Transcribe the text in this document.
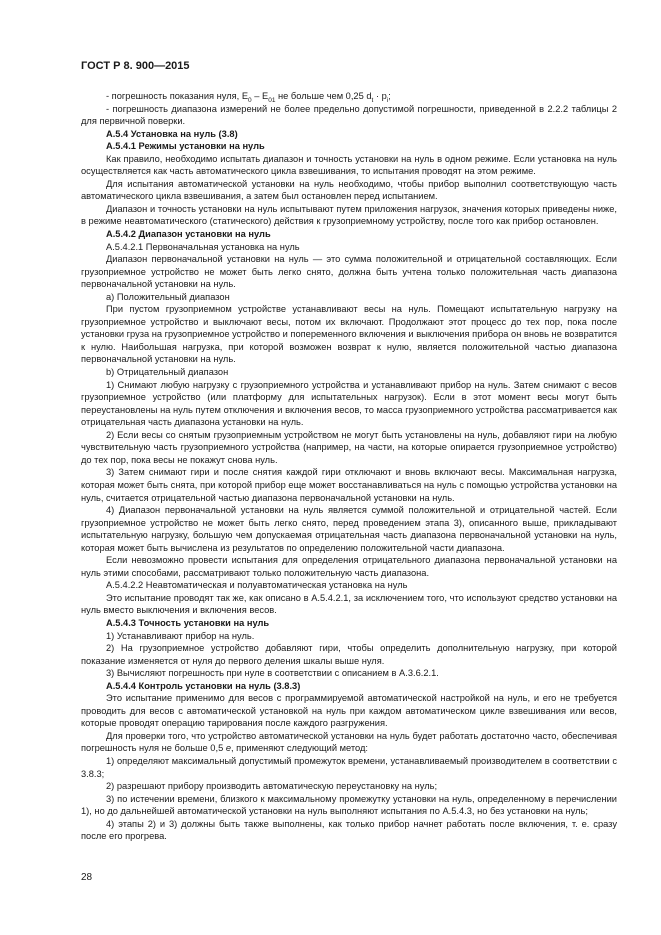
ГОСТ Р 8. 900—2015

- погрешность показания нуля, $E_0 - E_{01}$ не больше чем 0,25 $d_t \cdot p_i$;

- погрешность диапазона измерений не более предельно допустимой погрешности, приведенной в 2.2.2 таблицы 2 для первичной поверки.

А.5.4 Установка на нуль (3.8)

А.5.4.1 Режимы установки на нуль

Как правило, необходимо испытать диапазон и точность установки на нуль в одном режиме. Если установка на нуль осуществляется как часть автоматического цикла взвешивания, то испытания проводят на этом режиме.

Для испытания автоматической установки на нуль необходимо, чтобы прибор выполнил соответствующую часть автоматического цикла взвешивания, а затем был остановлен перед испытанием.

Диапазон и точность установки на нуль испытывают путем приложения нагрузок, значения которых приведены ниже, в режиме неавтоматического (статического) действия к грузоприемному устройству, после того как прибор остановлен.

А.5.4.2 Диапазон установки на нуль

А.5.4.2.1 Первоначальная установка на нуль

Диапазон первоначальной установки на нуль — это сумма положительной и отрицательной составляющих. Если грузоприемное устройство не может быть легко снято, должна быть учтена только положительная часть диапазона первоначальной установки на нуль.

а) Положительный диапазон

При пустом грузоприемном устройстве устанавливают весы на нуль. Помещают испытательную нагрузку на грузоприемное устройство и выключают весы, потом их включают. Продолжают этот процесс до тех пор, пока после установки груза на грузоприемное устройство и попеременного включения и выключения прибора он вновь не возвратится к нулю. Наибольшая нагрузка, при которой возможен возврат к нулю, является положительной частью диапазона первоначальной установки на нуль.

b) Отрицательный диапазон

1) Снимают любую нагрузку с грузоприемного устройства и устанавливают прибор на нуль. Затем снимают с весов грузоприемное устройство (или платформу для испытательных нагрузок). Если в этот момент весы могут быть переустановлены на нуль путем отключения и включения весов, то масса грузоприемного устройства рассматривается как отрицательная часть диапазона установки на нуль.

2) Если весы со снятым грузоприемным устройством не могут быть установлены на нуль, добавляют гири на любую чувствительную часть грузоприемного устройства (например, на части, на которые опирается грузоприемное устройство) до тех пор, пока весы не покажут снова нуль.

3) Затем снимают гири и после снятия каждой гири отключают и вновь включают весы. Максимальная нагрузка, которая может быть снята, при которой прибор еще может восстанавливаться на нуль с помощью устройства установки на нуль, считается отрицательной частью диапазона первоначальной установки на нуль.

4) Диапазон первоначальной установки на нуль является суммой положительной и отрицательной частей. Если грузоприемное устройство не может быть легко снято, перед проведением этапа 3), описанного выше, прикладывают испытательную нагрузку, большую чем допускаемая отрицательная часть диапазона первоначальной установки на нуль, которая может быть вычислена из результатов по определению положительной части диапазона.

Если невозможно провести испытания для определения отрицательного диапазона первоначальной установки на нуль этими способами, рассматривают только положительную часть диапазона.

А.5.4.2.2 Неавтоматическая и полуавтоматическая установка на нуль

Это испытание проводят так же, как описано в А.5.4.2.1, за исключением того, что используют средство установки на нуль вместо выключения и включения весов.

А.5.4.3 Точность установки на нуль

1) Устанавливают прибор на нуль.

2) На грузоприемное устройство добавляют гири, чтобы определить дополнительную нагрузку, при которой показание изменяется от нуля до первого деления шкалы выше нуля.

3) Вычисляют погрешность при нуле в соответствии с описанием в А.3.6.2.1.

А.5.4.4 Контроль установки на нуль (3.8.3)

Это испытание применимо для весов с программируемой автоматической настройкой на нуль, и его не требуется проводить для весов с автоматической установкой на нуль при каждом автоматическом цикле взвешивания или весов, которые проводят операцию тарирования после каждого разгружения.

Для проверки того, что устройство автоматической установки на нуль будет работать достаточно часто, обеспечивая погрешность нуля не больше 0,5 е, применяют следующий метод:

1) определяют максимальный допустимый промежуток времени, устанавливаемый производителем в соответствии с 3.8.3;

2) разрешают прибору производить автоматическую переустановку на нуль;

3) по истечении времени, близкого к максимальному промежутку установки на нуль, определенному в перечислении 1), но до дальнейшей автоматической установки на нуль выполняют испытания по А.5.4.3, но без установки на нуль;

4) этапы 2) и 3) должны быть также выполнены, как только прибор начнет работать после включения, т. е. сразу после его прогрева.

28
